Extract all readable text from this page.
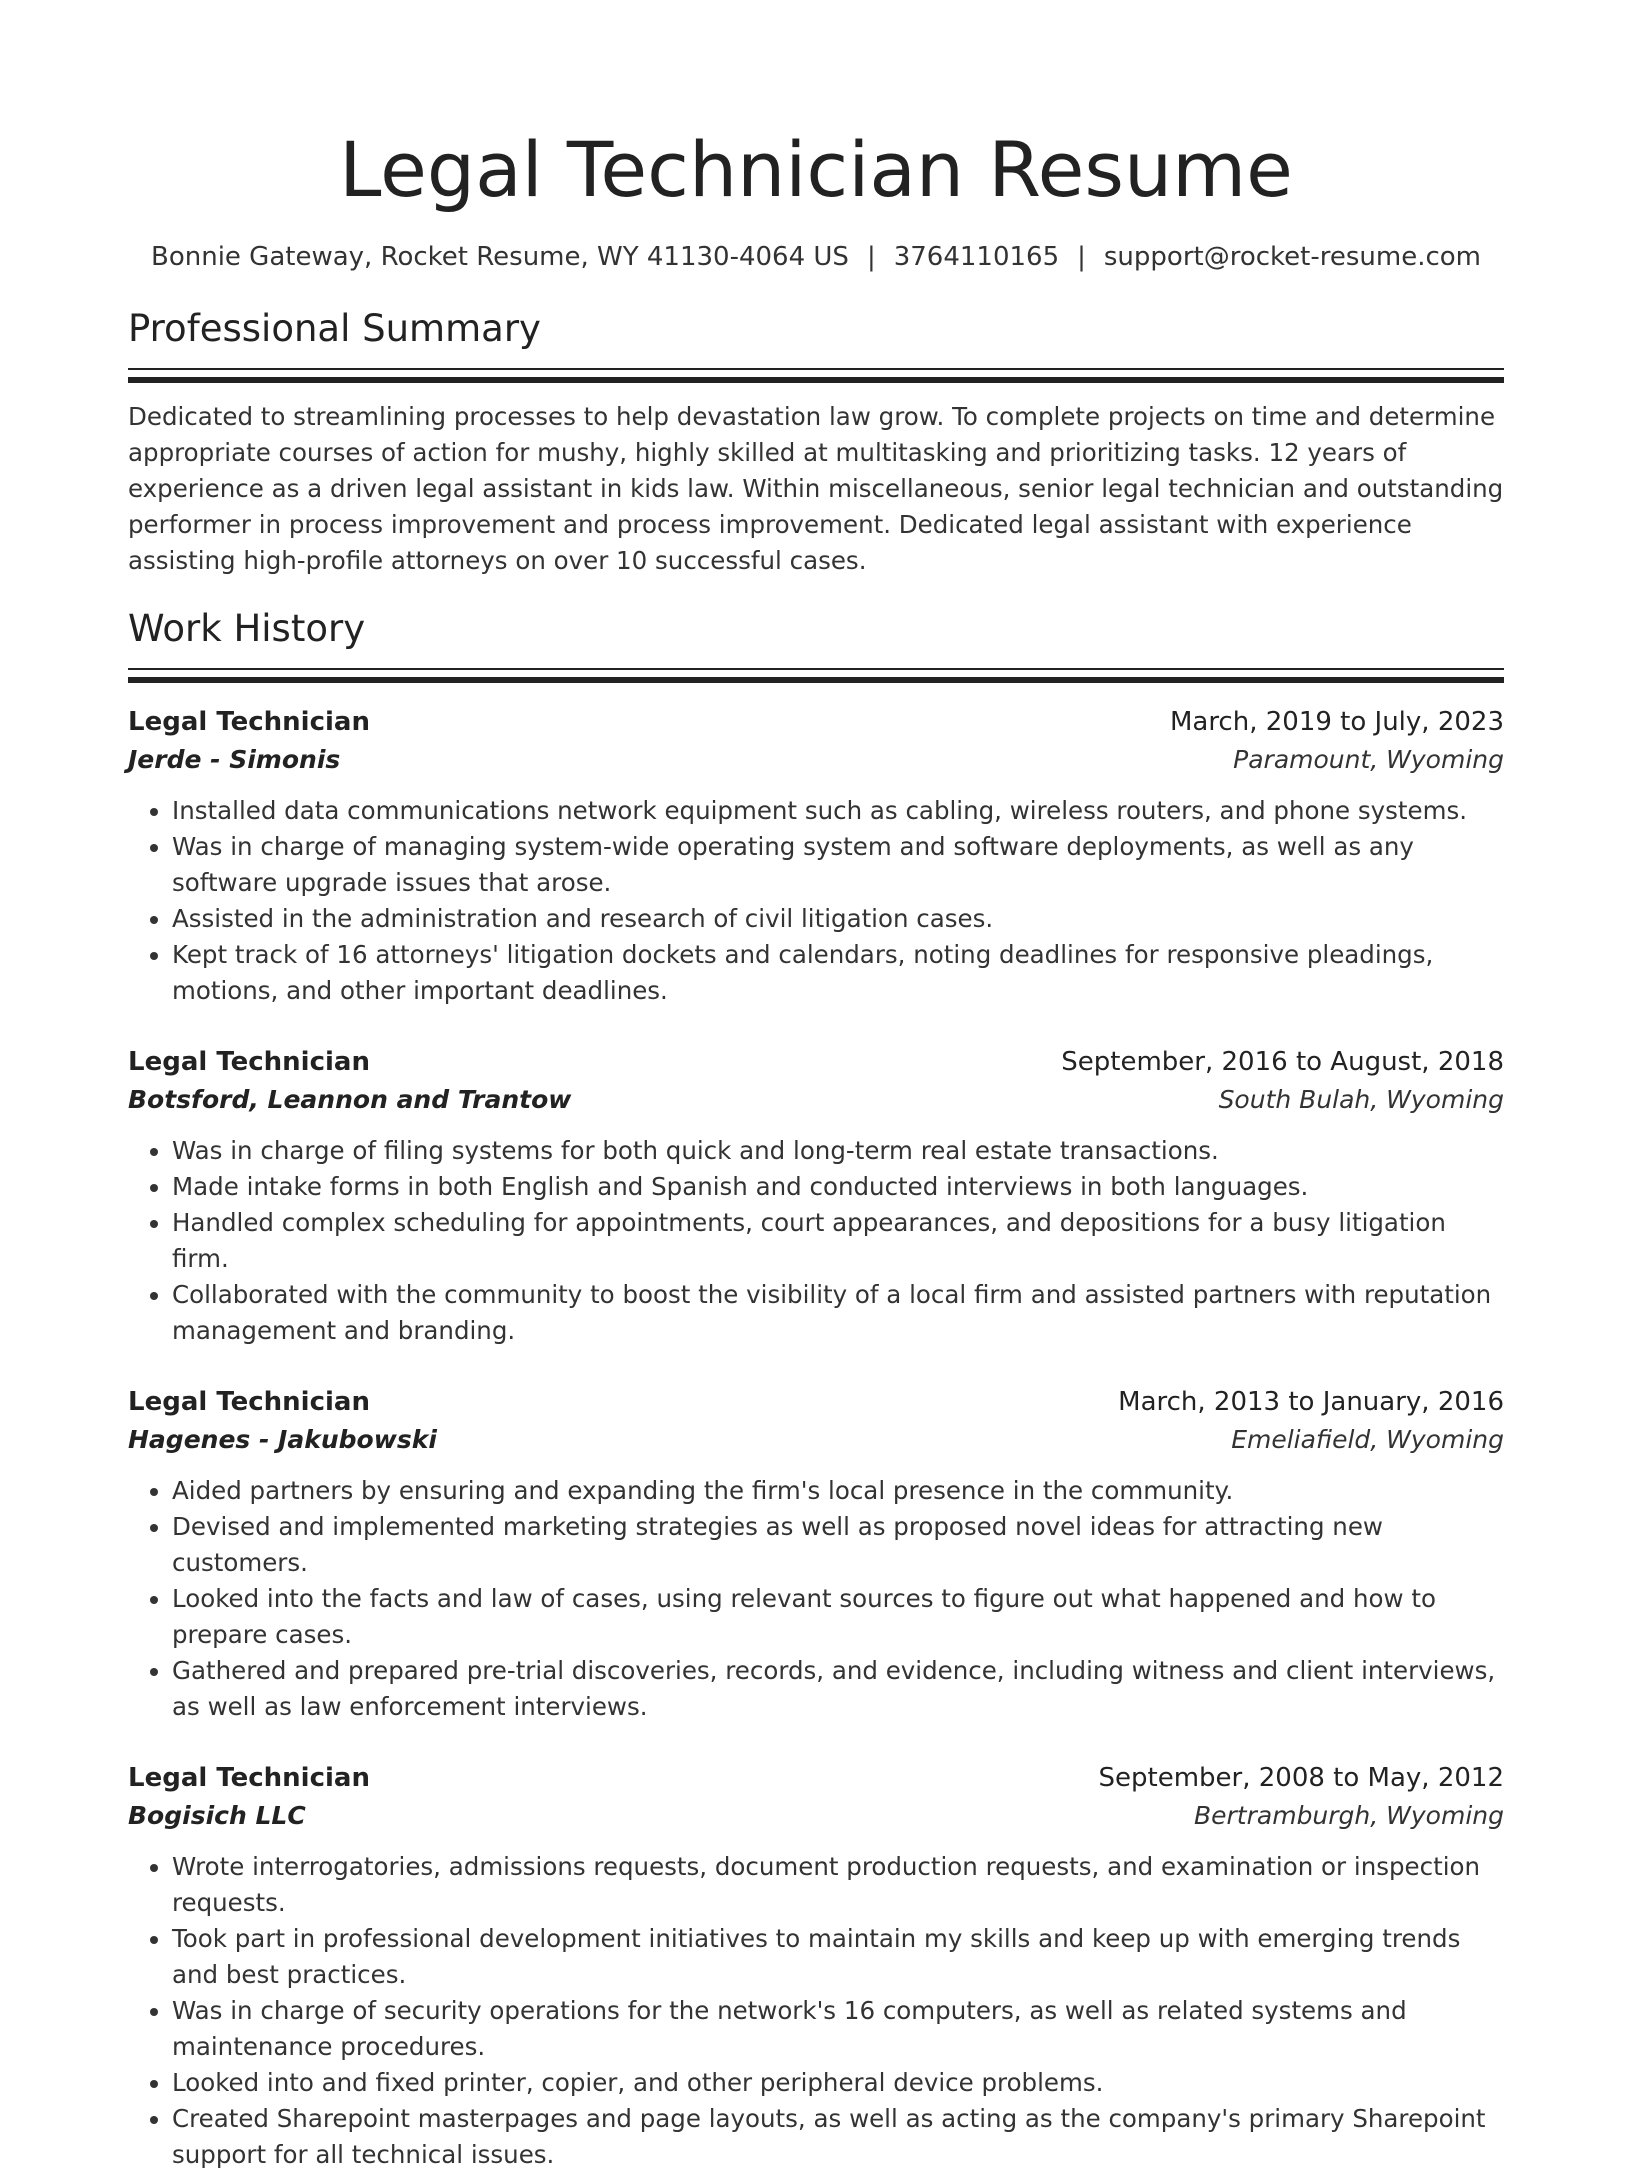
Legal Technician Resume
Bonnie Gateway, Rocket Resume, WY 41130-4064 US | 3764110165 | support@rocket-resume.com
Professional Summary

Dedicated to streamlining processes to help devastation law grow. To complete projects on time and determine appropriate courses of action for mushy, highly skilled at multitasking and prioritizing tasks. 12 years of experience as a driven legal assistant in kids law. Within miscellaneous, senior legal technician and outstanding performer in process improvement and process improvement. Dedicated legal assistant with experience assisting high-profile attorneys on over 10 successful cases.

Work History
Legal Technician	March, 2019 to July, 2023
Jerde - Simonis	Paramount, Wyoming
• Installed data communications network equipment such as cabling, wireless routers, and phone systems.
• Was in charge of managing system-wide operating system and software deployments, as well as any software upgrade issues that arose.
• Assisted in the administration and research of civil litigation cases.
• Kept track of 16 attorneys' litigation dockets and calendars, noting deadlines for responsive pleadings, motions, and other important deadlines.
Legal Technician	September, 2016 to August, 2018
Botsford, Leannon and Trantow	South Bulah, Wyoming
• Was in charge of filing systems for both quick and long-term real estate transactions.
• Made intake forms in both English and Spanish and conducted interviews in both languages.
• Handled complex scheduling for appointments, court appearances, and depositions for a busy litigation firm.
• Collaborated with the community to boost the visibility of a local firm and assisted partners with reputation management and branding.
Legal Technician	March, 2013 to January, 2016
Hagenes - Jakubowski	Emeliafield, Wyoming
• Aided partners by ensuring and expanding the firm's local presence in the community.
• Devised and implemented marketing strategies as well as proposed novel ideas for attracting new customers.
• Looked into the facts and law of cases, using relevant sources to figure out what happened and how to prepare cases.
• Gathered and prepared pre-trial discoveries, records, and evidence, including witness and client interviews, as well as law enforcement interviews.
Legal Technician	September, 2008 to May, 2012
Bogisich LLC	Bertramburgh, Wyoming
• Wrote interrogatories, admissions requests, document production requests, and examination or inspection requests.
• Took part in professional development initiatives to maintain my skills and keep up with emerging trends and best practices.
• Was in charge of security operations for the network's 16 computers, as well as related systems and maintenance procedures.
• Looked into and fixed printer, copier, and other peripheral device problems.
• Created Sharepoint masterpages and page layouts, as well as acting as the company's primary Sharepoint support for all technical issues.
